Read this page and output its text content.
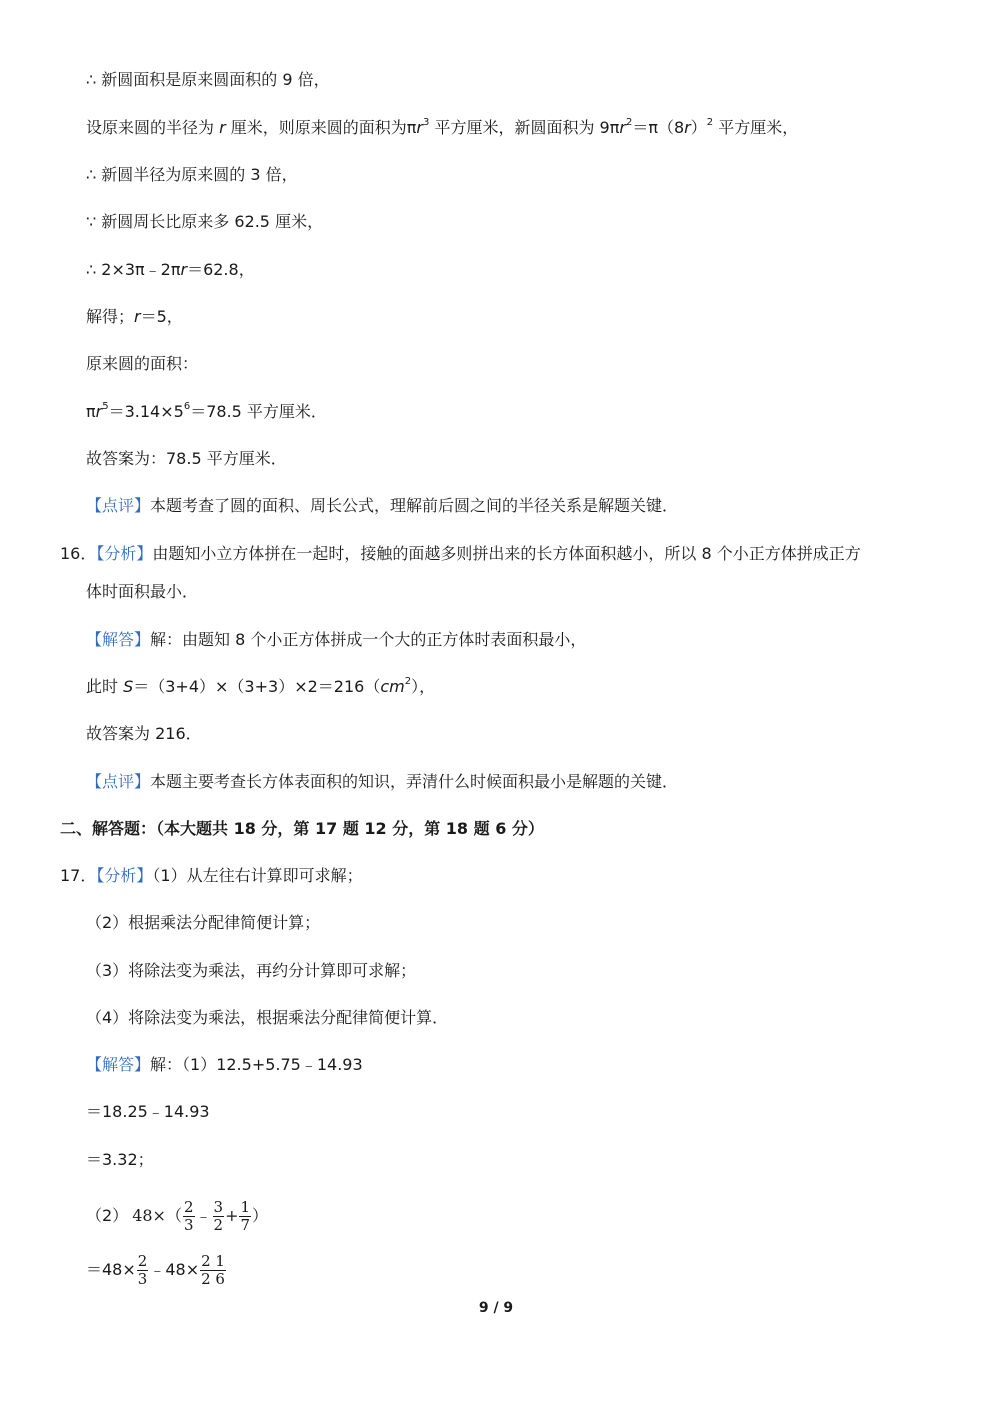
∴ 新圆面积是原来圆面积的 9 倍，
设原来圆的半径为 r 厘米，则原来圆的面积为$\pi r^3$ 平方厘米，新圆面积为 $9\pi r^2=\pi(8r)^2$ 平方厘米，
∴ 新圆半径为原来圆的 3 倍，
∵ 新圆周长比原来多 62.5 厘米，
∴ 2×3π﹣2πr＝62.8，
解得；r＝5，
原来圆的面积：
$\pi r^5=3.14\times 5^6=78.5$ 平方厘米．
故答案为：78.5 平方厘米．
【点评】本题考查了圆的面积、周长公式，理解前后圆之间的半径关系是解题关键．
16．【分析】由题知小立方体拼在一起时，接触的面越多则拼出来的长方体面积越小，所以 8 个小正方体拼成正方
体时面积最小．
【解答】解：由题知 8 个小正方体拼成一个大的正方体时表面积最小，
此时 $S=(3+4)\times(3+3)\times 2=216(cm^2)$，
故答案为 216．
【点评】本题主要考查长方体表面积的知识，弄清什么时候面积最小是解题的关键．
二、解答题：（本大题共 18 分，第 17 题 12 分，第 18 题 6 分）
17．【分析】（1）从左往右计算即可求解；
（2）根据乘法分配律简便计算；
（3）将除法变为乘法，再约分计算即可求解；
（4）将除法变为乘法，根据乘法分配律简便计算．
【解答】解：（1）12.5+5.75﹣14.93
＝18.25﹣14.93
＝3.32；
（2） $48\times( \frac{2}{3}$ ﹣ $\frac{3}{2} + \frac{1}{7}$ ）
$=48\times \frac{2}{3}$ ﹣48× $\frac{2 1}{2 6}$
9 / 9
